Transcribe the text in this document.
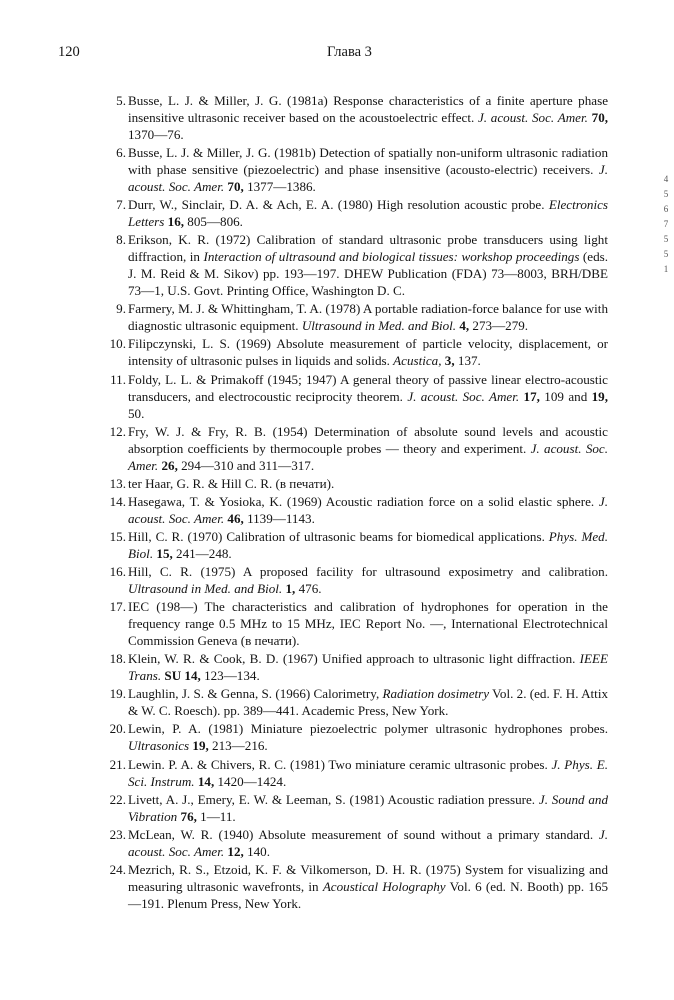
120	Глава 3
5. Busse, L. J. & Miller, J. G. (1981a) Response characteristics of a finite aperture phase insensitive ultrasonic receiver based on the acoustoelectric effect. J. acoust. Soc. Amer. 70, 1370—76.
6. Busse, L. J. & Miller, J. G. (1981b) Detection of spatially non-uniform ultrasonic radiation with phase sensitive (piezoelectric) and phase insensitive (acousto-electric) receivers. J. acoust. Soc. Amer. 70, 1377—1386.
7. Durr, W., Sinclair, D. A. & Ach, E. A. (1980) High resolution acoustic probe. Electronics Letters 16, 805—806.
8. Erikson, K. R. (1972) Calibration of standard ultrasonic probe transducers using light diffraction, in Interaction of ultrasound and biological tissues: workshop proceedings (eds. J. M. Reid & M. Sikov) pp. 193—197. DHEW Publication (FDA) 73—8003, BRH/DBE 73—1, U.S. Govt. Printing Office, Washington D. C.
9. Farmery, M. J. & Whittingham, T. A. (1978) A portable radiation-force balance for use with diagnostic ultrasonic equipment. Ultrasound in Med. and Biol. 4, 273—279.
10. Filipczynski, L. S. (1969) Absolute measurement of particle velocity, displacement, or intensity of ultrasonic pulses in liquids and solids. Acustica, 3, 137.
11. Foldy, L. L. & Primakoff (1945; 1947) A general theory of passive linear electro-acoustic transducers, and electrocoustic reciprocity theorem. J. acoust. Soc. Amer. 17, 109 and 19, 50.
12. Fry, W. J. & Fry, R. B. (1954) Determination of absolute sound levels and acoustic absorption coefficients by thermocouple probes — theory and experiment. J. acoust. Soc. Amer. 26, 294—310 and 311—317.
13. ter Haar, G. R. & Hill C. R. (в печати).
14. Hasegawa, T. & Yosioka, K. (1969) Acoustic radiation force on a solid elastic sphere. J. acoust. Soc. Amer. 46, 1139—1143.
15. Hill, C. R. (1970) Calibration of ultrasonic beams for biomedical applications. Phys. Med. Biol. 15, 241—248.
16. Hill, C. R. (1975) A proposed facility for ultrasound exposimetry and calibration. Ultrasound in Med. and Biol. 1, 476.
17. IEC (198—) The characteristics and calibration of hydrophones for operation in the frequency range 0.5 MHz to 15 MHz, IEC Report No. —, International Electrotechnical Commission Geneva (в печати).
18. Klein, W. R. & Cook, B. D. (1967) Unified approach to ultrasonic light diffraction. IEEE Trans. SU 14, 123—134.
19. Laughlin, J. S. & Genna, S. (1966) Calorimetry, Radiation dosimetry Vol. 2. (ed. F. H. Attix & W. C. Roesch). pp. 389—441. Academic Press, New York.
20. Lewin, P. A. (1981) Miniature piezoelectric polymer ultrasonic hydrophones probes. Ultrasonics 19, 213—216.
21. Lewin. P. A. & Chivers, R. C. (1981) Two miniature ceramic ultrasonic probes. J. Phys. E. Sci. Instrum. 14, 1420—1424.
22. Livett, A. J., Emery, E. W. & Leeman, S. (1981) Acoustic radiation pressure. J. Sound and Vibration 76, 1—11.
23. McLean, W. R. (1940) Absolute measurement of sound without a primary standard. J. acoust. Soc. Amer. 12, 140.
24. Mezrich, R. S., Etzoid, K. F. & Vilkomerson, D. H. R. (1975) System for visualizing and measuring ultrasonic wavefronts, in Acoustical Holography Vol. 6 (ed. N. Booth) pp. 165—191. Plenum Press, New York.
4
5
6
7
5
5
1
